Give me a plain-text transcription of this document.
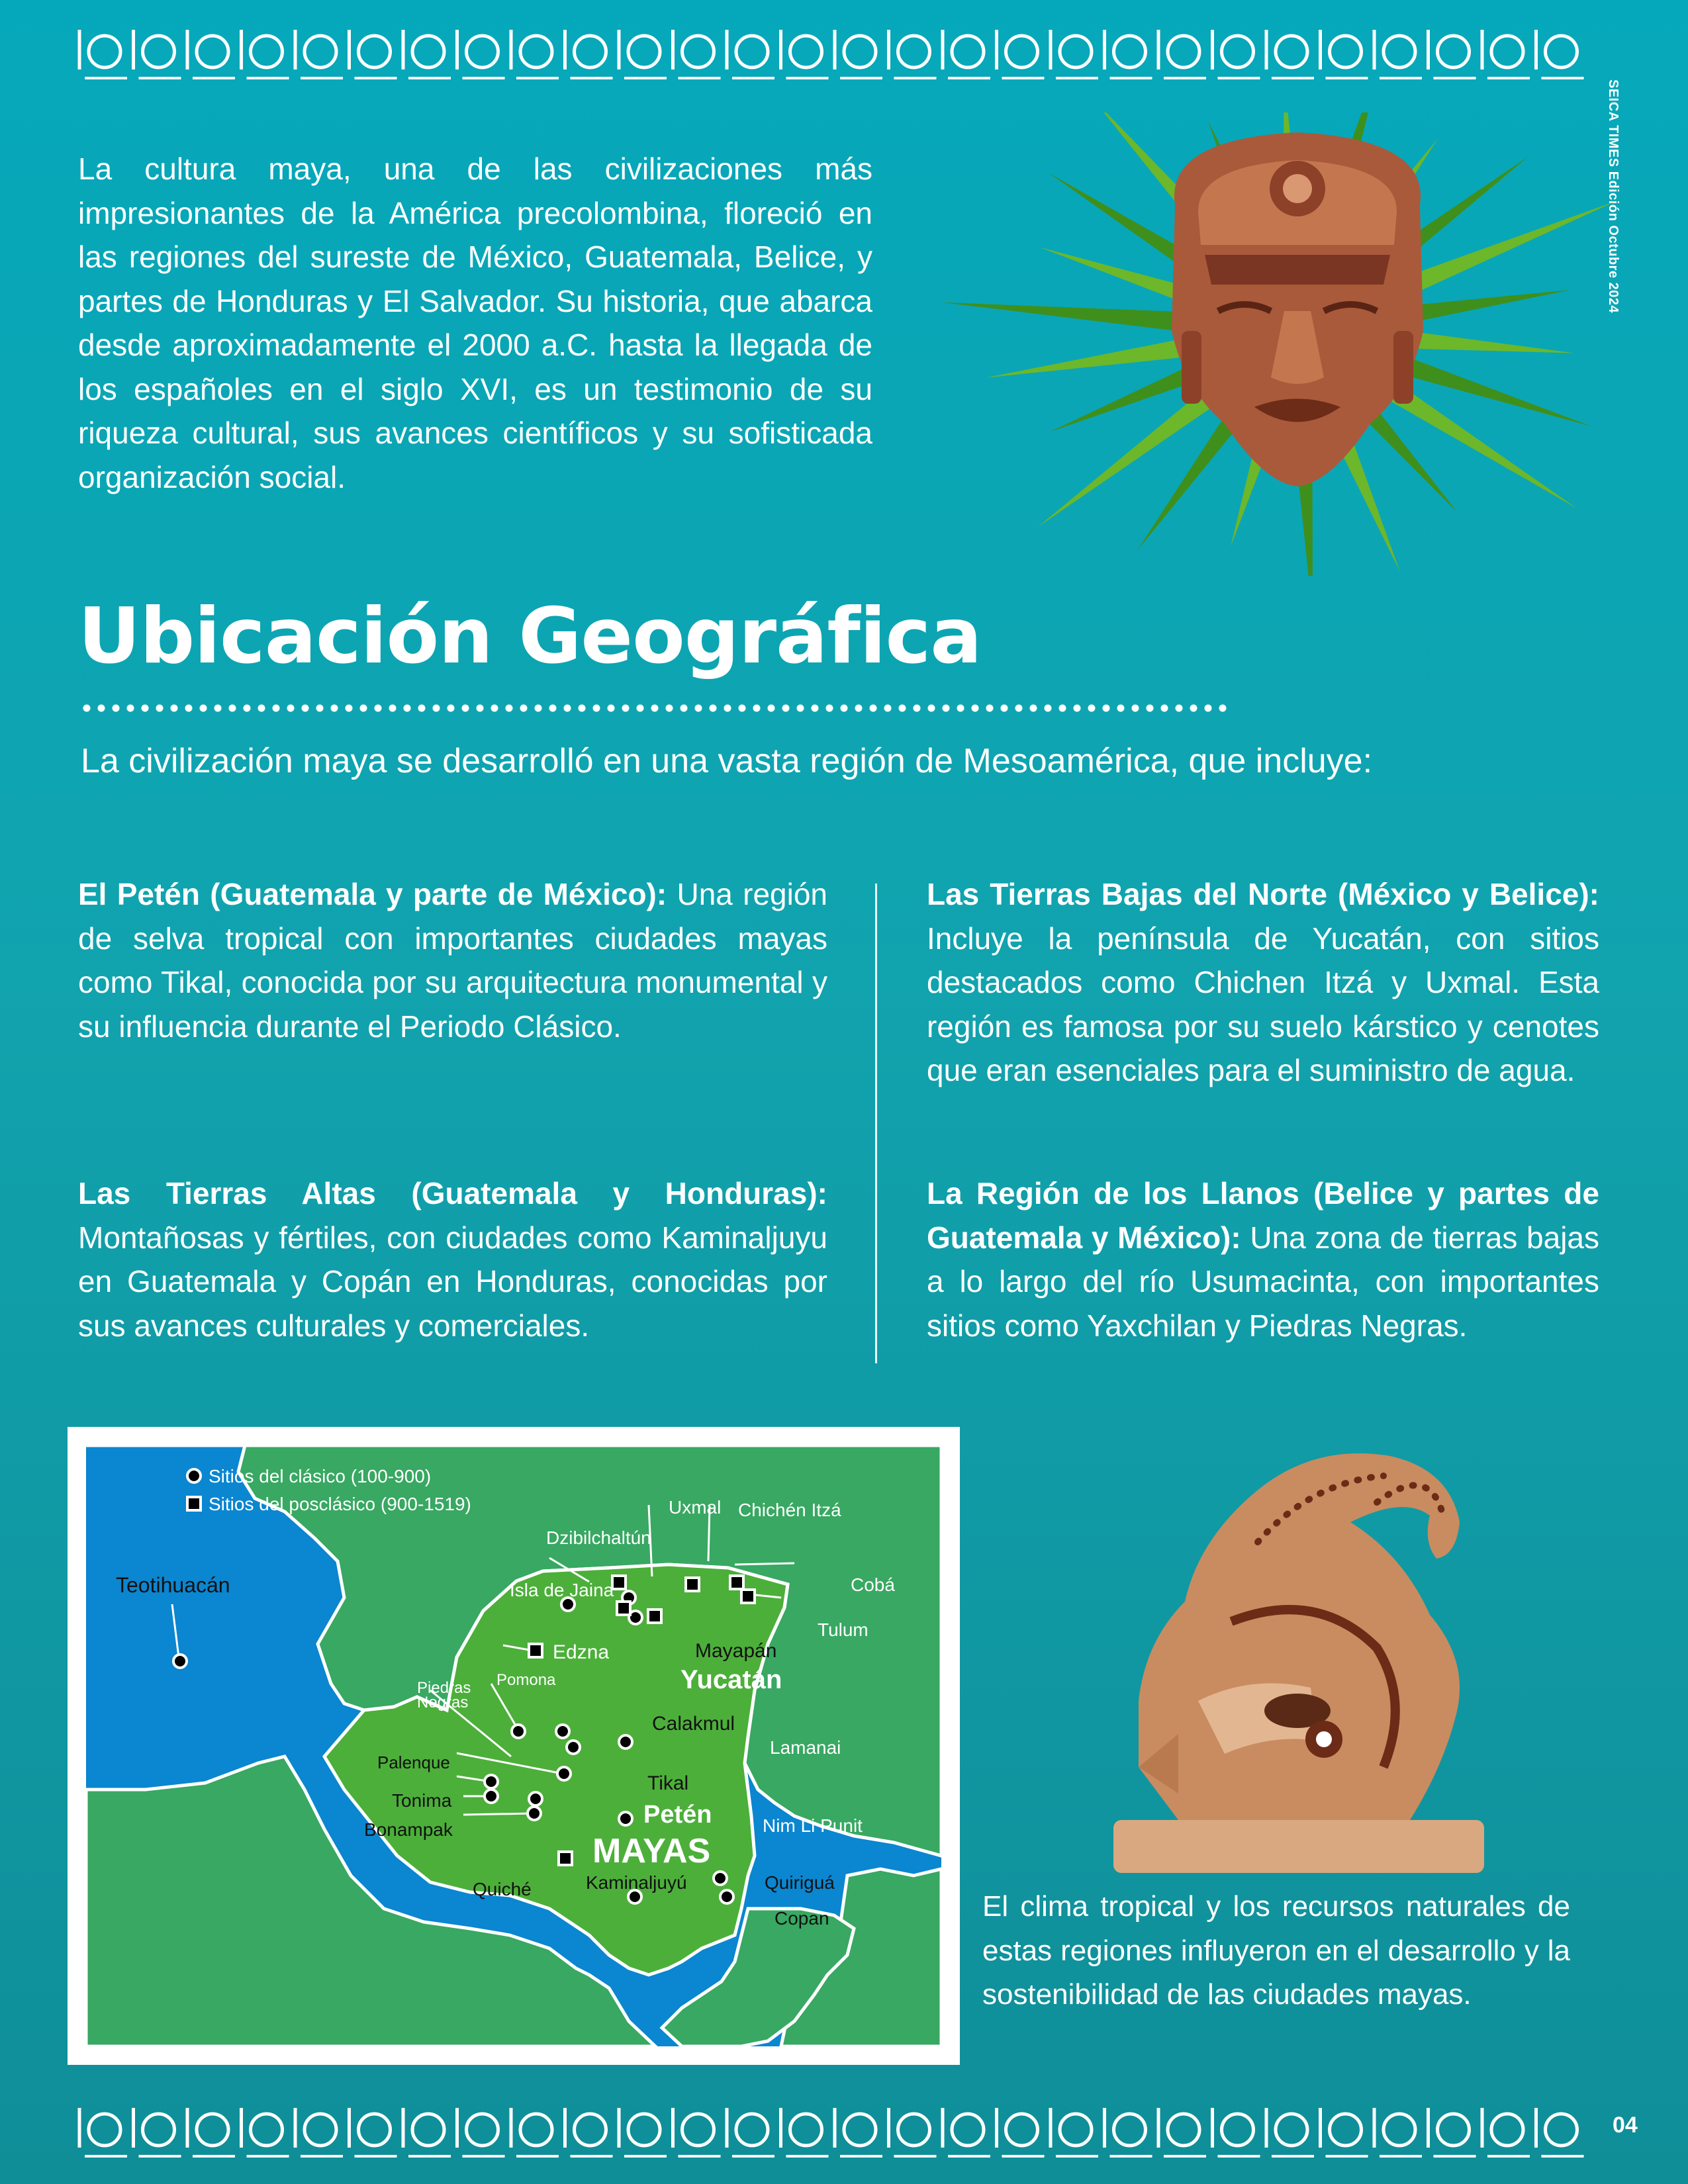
SEICA TIMES Edición Octubre 2024

La cultura maya, una de las civilizaciones más impresionantes de la América precolombina, floreció en las regiones del sureste de México, Guatemala, Belice, y partes de Honduras y El Salvador. Su historia, que abarca desde aproximadamente el 2000 a.C. hasta la llegada de los españoles en el siglo XVI, es un testimonio de su riqueza cultural, sus avances científicos y su sofisticada organización social.

Ubicación Geográfica

La civilización maya se desarrolló en una vasta región de Mesoamérica, que incluye:

El Petén (Guatemala y parte de México): Una región de selva tropical con importantes ciudades mayas como Tikal, conocida por su arquitectura monumental y su influencia durante el Periodo Clásico.

Las Tierras Altas (Guatemala y Honduras): Montañosas y fértiles, con ciudades como Kaminaljuyu en Guatemala y Copán en Honduras, conocidas por sus avances culturales y comerciales.

Las Tierras Bajas del Norte (México y Belice): Incluye la península de Yucatán, con sitios destacados como Chichen Itzá y Uxmal. Esta región es famosa por su suelo kárstico y cenotes que eran esenciales para el suministro de agua.

La Región de los Llanos (Belice y partes de Guatemala y México): Una zona de tierras bajas a lo largo del río Usumacinta, con importantes sitios como Yaxchilan y Piedras Negras.

Sitios del clásico (100-900)
Sitios del posclásico (900-1519)
Teotihuacán
Uxmal Chichén Itzá
Dzibilchaltún
Isla de Jaina	Cobá
Tulum
Edzna	Mayapán
Piedras
Negras
Pomona
Calakmul
Palenque
Lamanai
Tonima
Tikal
Bonampak	Nim Li Punit
Quiché	Kaminaljuyú	Quiriguá
Copan
Yucatán
Petén
MAYAS

El clima tropical y los recursos naturales de estas regiones influyeron en el desarrollo y la sostenibilidad de las ciudades mayas.

04
